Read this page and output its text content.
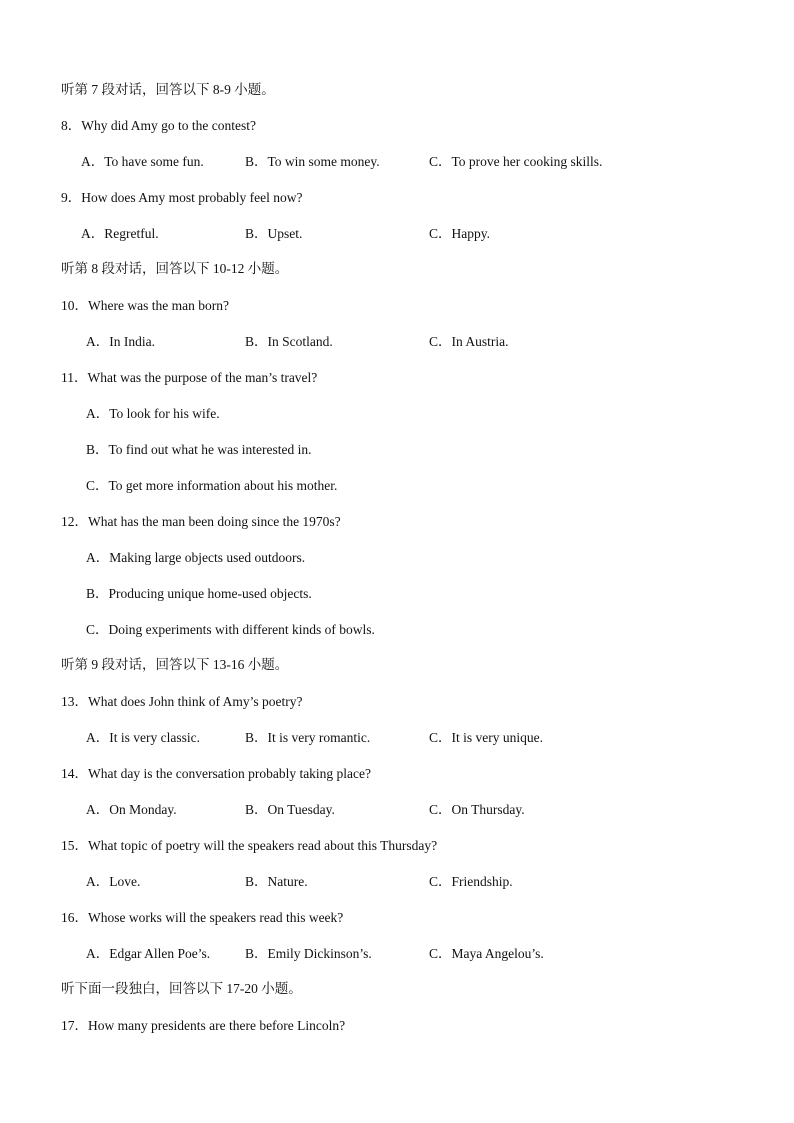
听第 7 段对话，回答以下 8-9 小题。
8．Why did Amy go to the contest?
A．To have some fun.	B．To win some money.	C．To prove her cooking skills.
9．How does Amy most probably feel now?
A．Regretful.	B．Upset.	C．Happy.
听第 8 段对话，回答以下 10-12 小题。
10．Where was the man born?
A．In India.	B．In Scotland.	C．In Austria.
11．What was the purpose of the man’s travel?
A．To look for his wife.
B．To find out what he was interested in.
C．To get more information about his mother.
12．What has the man been doing since the 1970s?
A．Making large objects used outdoors.
B．Producing unique home-used objects.
C．Doing experiments with different kinds of bowls.
听第 9 段对话，回答以下 13-16 小题。
13．What does John think of Amy’s poetry?
A．It is very classic.	B．It is very romantic.	C．It is very unique.
14．What day is the conversation probably taking place?
A．On Monday.	B．On Tuesday.	C．On Thursday.
15．What topic of poetry will the speakers read about this Thursday?
A．Love.	B．Nature.	C．Friendship.
16．Whose works will the speakers read this week?
A．Edgar Allen Poe’s.	B．Emily Dickinson’s.	C．Maya Angelou’s.
听下面一段独白，回答以下 17-20 小题。
17．How many presidents are there before Lincoln?
